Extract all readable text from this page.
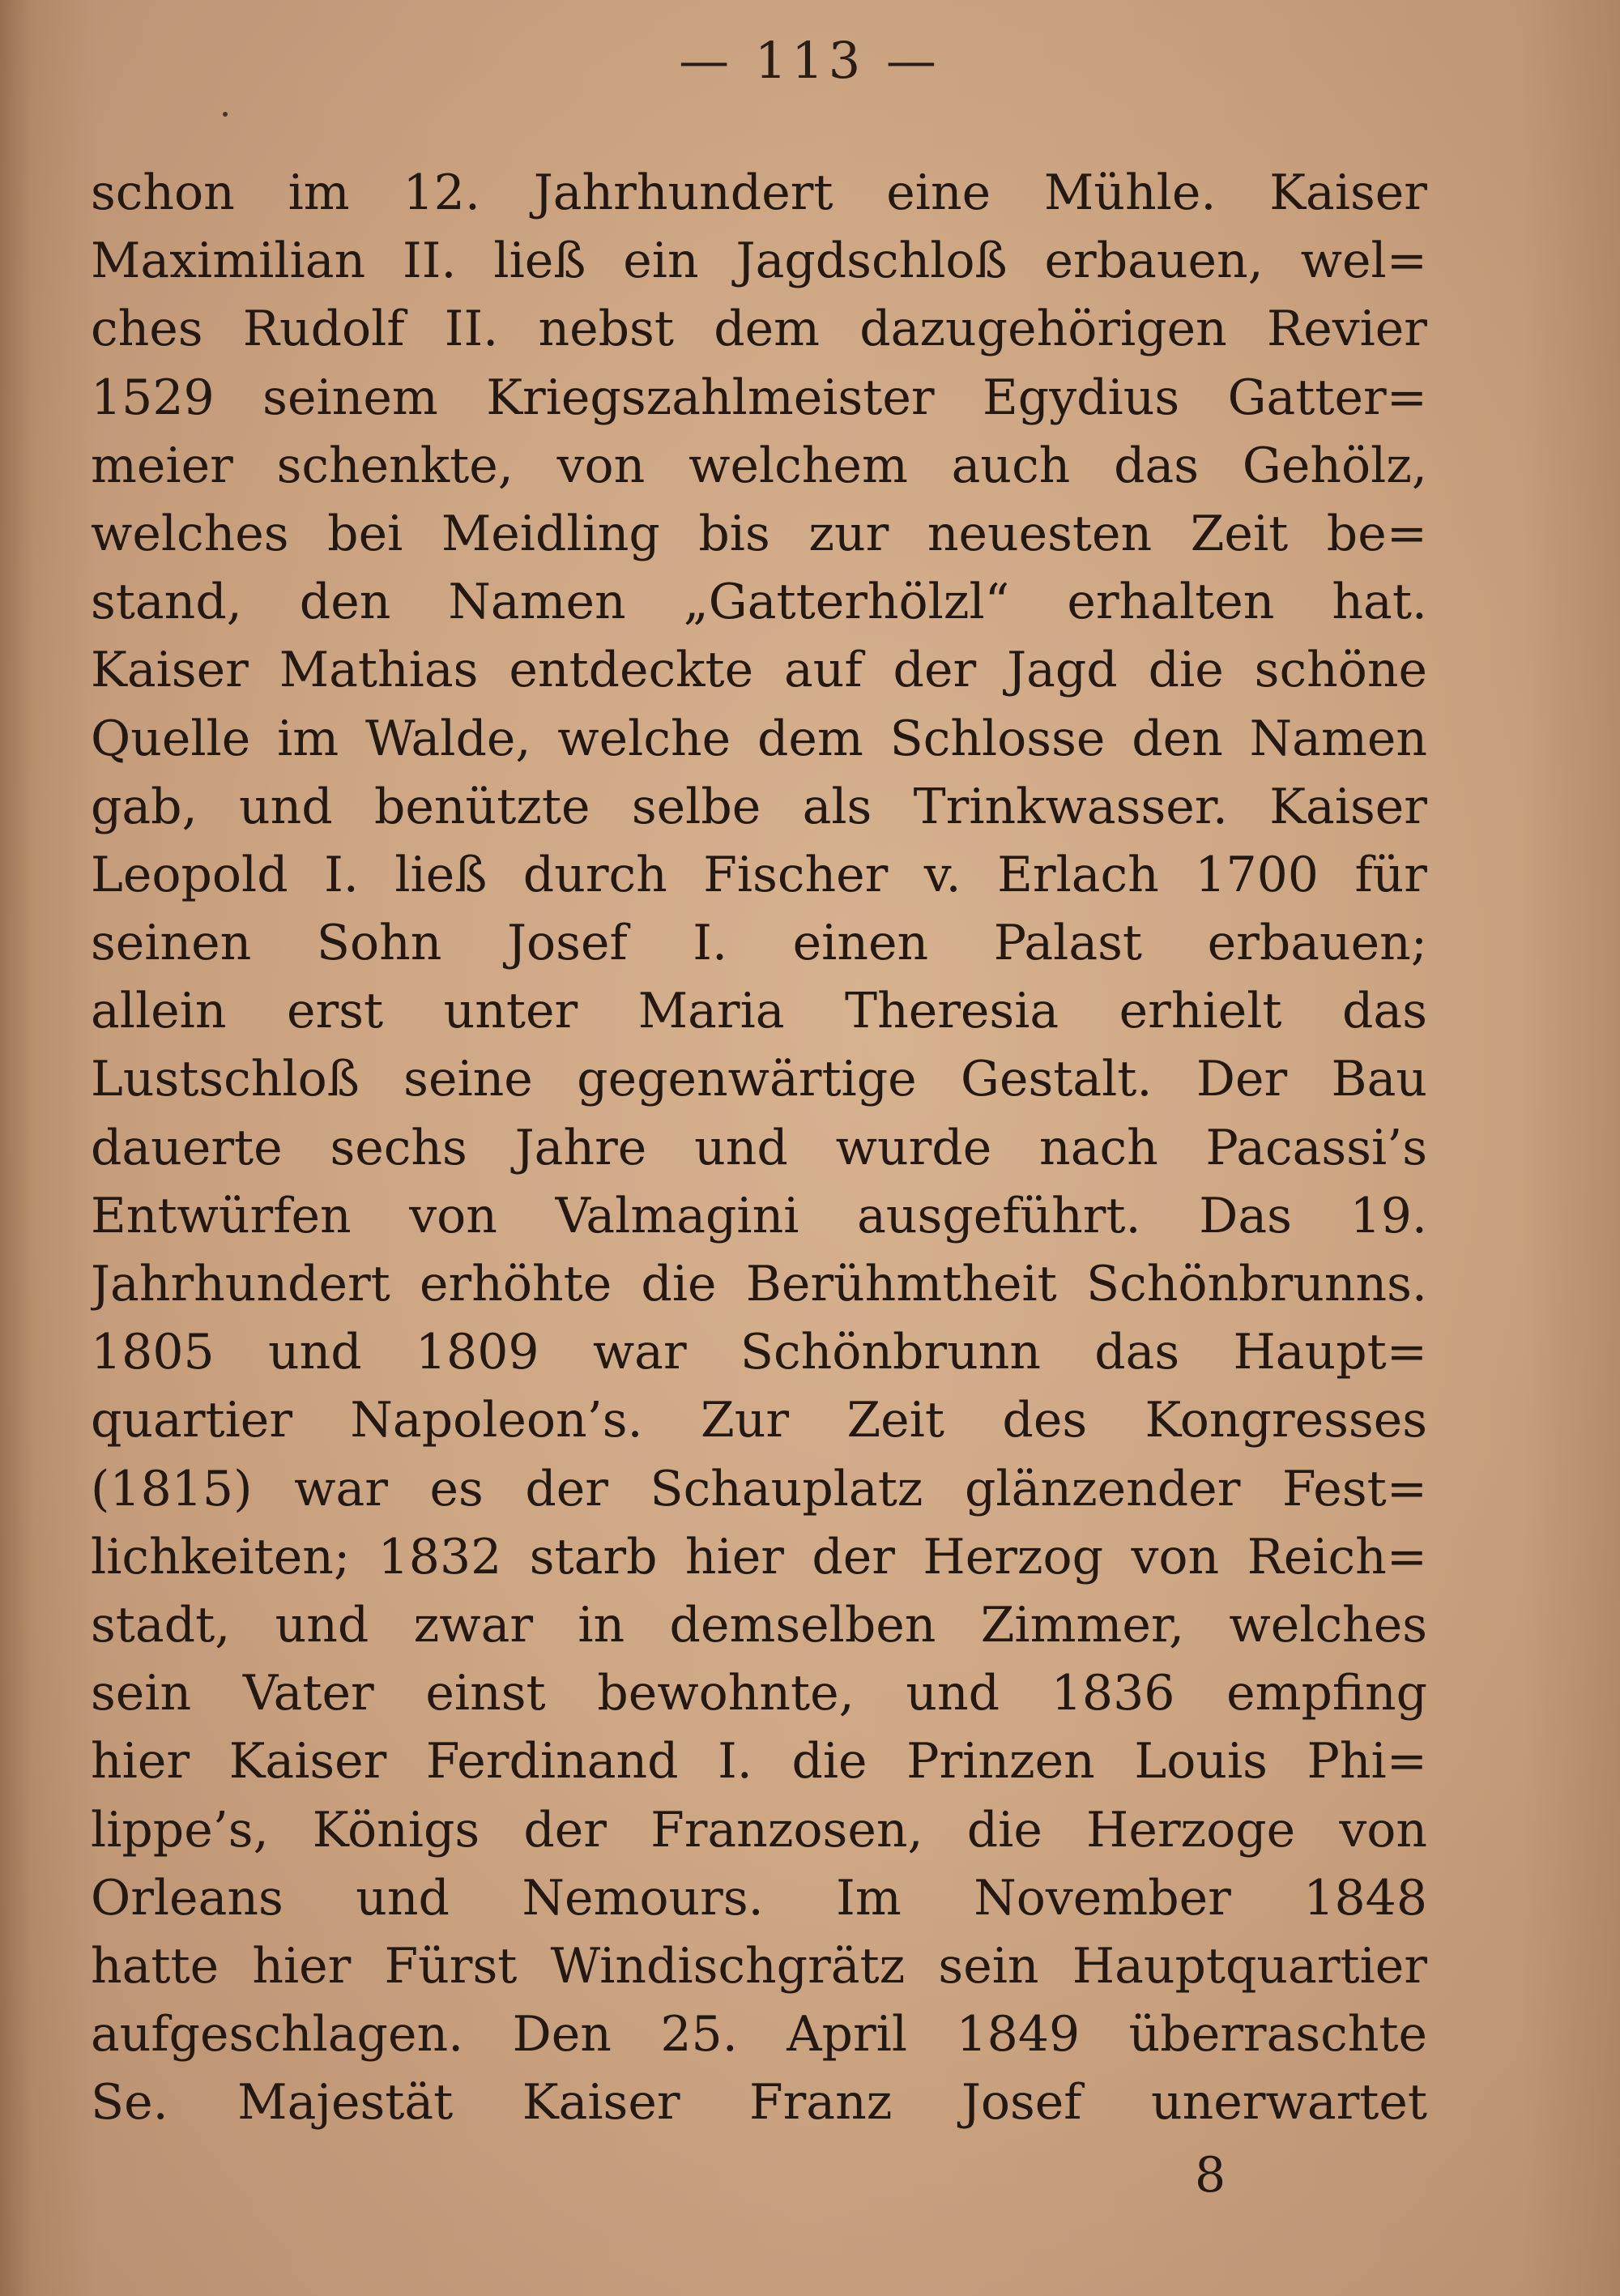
— 113 —
schon im 12. Jahrhundert eine Mühle. Kaiser
Maximilian II. ließ ein Jagdschloß erbauen, wel=
ches Rudolf II. nebst dem dazugehörigen Revier
1529 seinem Kriegszahlmeister Egydius Gatter=
meier schenkte, von welchem auch das Gehölz,
welches bei Meidling bis zur neuesten Zeit be=
stand, den Namen „Gatterhölzl“ erhalten hat.
Kaiser Mathias entdeckte auf der Jagd die schöne
Quelle im Walde, welche dem Schlosse den Namen
gab, und benützte selbe als Trinkwasser. Kaiser
Leopold I. ließ durch Fischer v. Erlach 1700 für
seinen Sohn Josef I. einen Palast erbauen;
allein erst unter Maria Theresia erhielt das
Lustschloß seine gegenwärtige Gestalt. Der Bau
dauerte sechs Jahre und wurde nach Pacassi’s
Entwürfen von Valmagini ausgeführt. Das 19.
Jahrhundert erhöhte die Berühmtheit Schönbrunns.
1805 und 1809 war Schönbrunn das Haupt=
quartier Napoleon’s. Zur Zeit des Kongresses
(1815) war es der Schauplatz glänzender Fest=
lichkeiten; 1832 starb hier der Herzog von Reich=
stadt, und zwar in demselben Zimmer, welches
sein Vater einst bewohnte, und 1836 empfing
hier Kaiser Ferdinand I. die Prinzen Louis Phi=
lippe’s, Königs der Franzosen, die Herzoge von
Orleans und Nemours. Im November 1848
hatte hier Fürst Windischgrätz sein Hauptquartier
aufgeschlagen. Den 25. April 1849 überraschte
Se. Majestät Kaiser Franz Josef unerwartet
8
